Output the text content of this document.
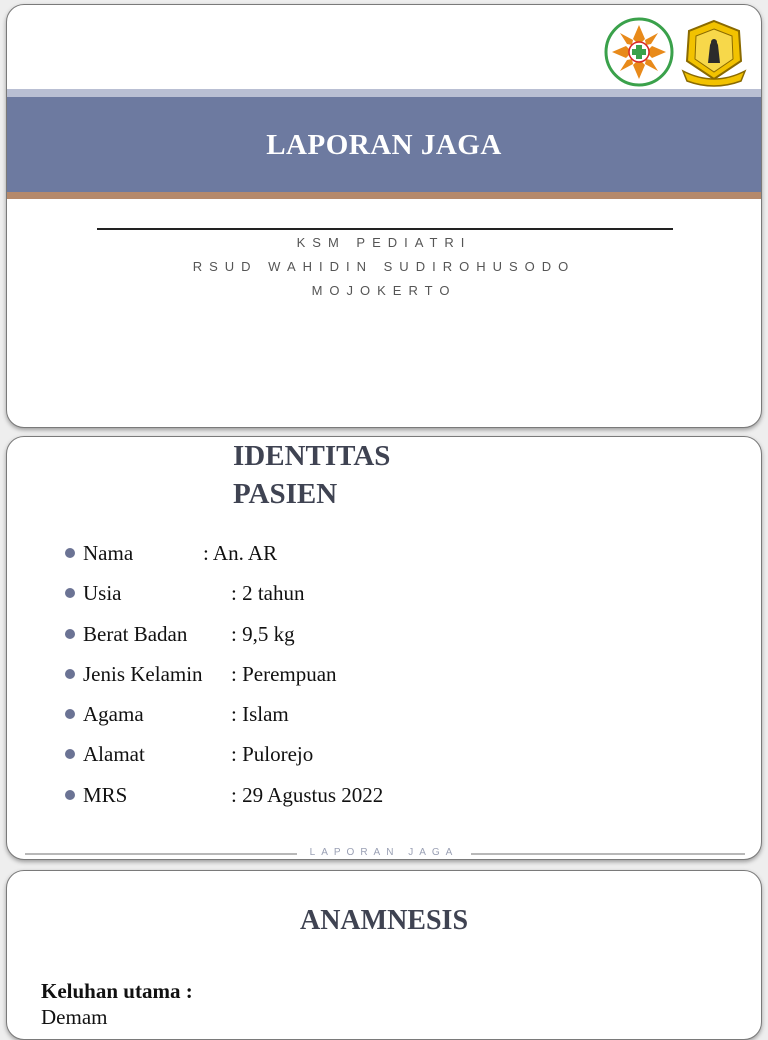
LAPORAN JAGA
KSM PEDIATRI
RSUD WAHIDIN SUDIROHUSODO
MOJOKERTO
IDENTITAS
PASIEN
Nama	: An. AR
Usia	: 2 tahun
Berat Badan : 9,5 kg
Jenis Kelamin : Perempuan
Agama	: Islam
Alamat	: Pulorejo
MRS	: 29 Agustus 2022
LAPORAN JAGA
ANAMNESIS
Keluhan utama :
Demam
